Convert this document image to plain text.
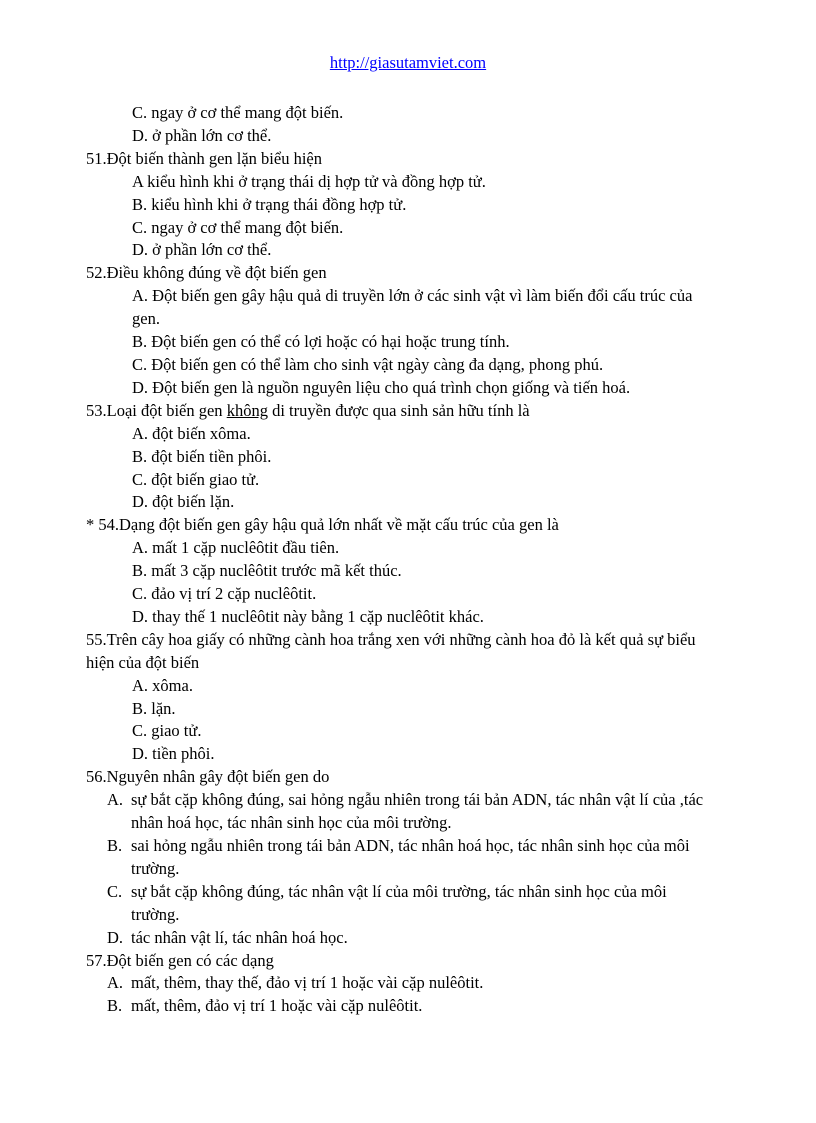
http://giasutamviet.com
C. ngay ở cơ thể mang đột biến.
D. ở phần lớn cơ thể.
51.Đột biến thành gen lặn biểu hiện
A kiểu hình khi ở trạng thái dị hợp tử và đồng hợp tử.
B. kiểu hình khi ở trạng thái đồng hợp tử.
C. ngay ở cơ thể mang đột biến.
D. ở phần lớn cơ thể.
52.Điều không đúng về đột biến gen
A. Đột biến gen gây hậu quả di truyền lớn ở các sinh vật vì làm biến đổi cấu trúc của
gen.
B. Đột biến gen có thể có lợi hoặc có hại hoặc trung tính.
C. Đột biến gen có thể làm cho sinh vật ngày càng đa dạng, phong phú.
D. Đột biến gen là nguồn nguyên liệu cho quá trình chọn giống và tiến hoá.
53.Loại đột biến gen không di truyền được qua sinh sản hữu tính là
A. đột biến xôma.
B. đột biến tiền phôi.
C. đột biến giao tử.
D. đột biến lặn.
* 54.Dạng đột biến gen gây hậu quả lớn nhất về mặt cấu trúc của gen là
A. mất 1 cặp nuclêôtit đầu tiên.
B. mất 3 cặp nuclêôtit trước mã kết thúc.
C. đảo vị trí 2 cặp nuclêôtit.
D. thay thế 1 nuclêôtit này bằng 1 cặp nuclêôtit khác.
55.Trên cây hoa giấy có những cành hoa trắng xen với những cành hoa đỏ là kết quả sự biểu
hiện của đột biến
A. xôma.
B. lặn.
C. giao tử.
D. tiền phôi.
56.Nguyên nhân gây đột biến gen do
A. sự bắt cặp không đúng, sai hỏng ngẫu nhiên trong tái bản ADN, tác nhân vật lí của ,tác
nhân hoá học, tác nhân sinh học của môi trường.
B. sai hỏng ngẫu nhiên trong tái bản ADN, tác nhân hoá học, tác nhân sinh học của môi
trường.
C. sự bắt cặp không đúng, tác nhân vật lí của môi trường, tác nhân sinh học của môi
trường.
D. tác nhân vật lí, tác nhân hoá học.
57.Đột biến gen có các dạng
A. mất, thêm, thay thế, đảo vị trí 1 hoặc vài cặp nulêôtit.
B. mất, thêm, đảo vị trí 1 hoặc vài cặp nulêôtit.
